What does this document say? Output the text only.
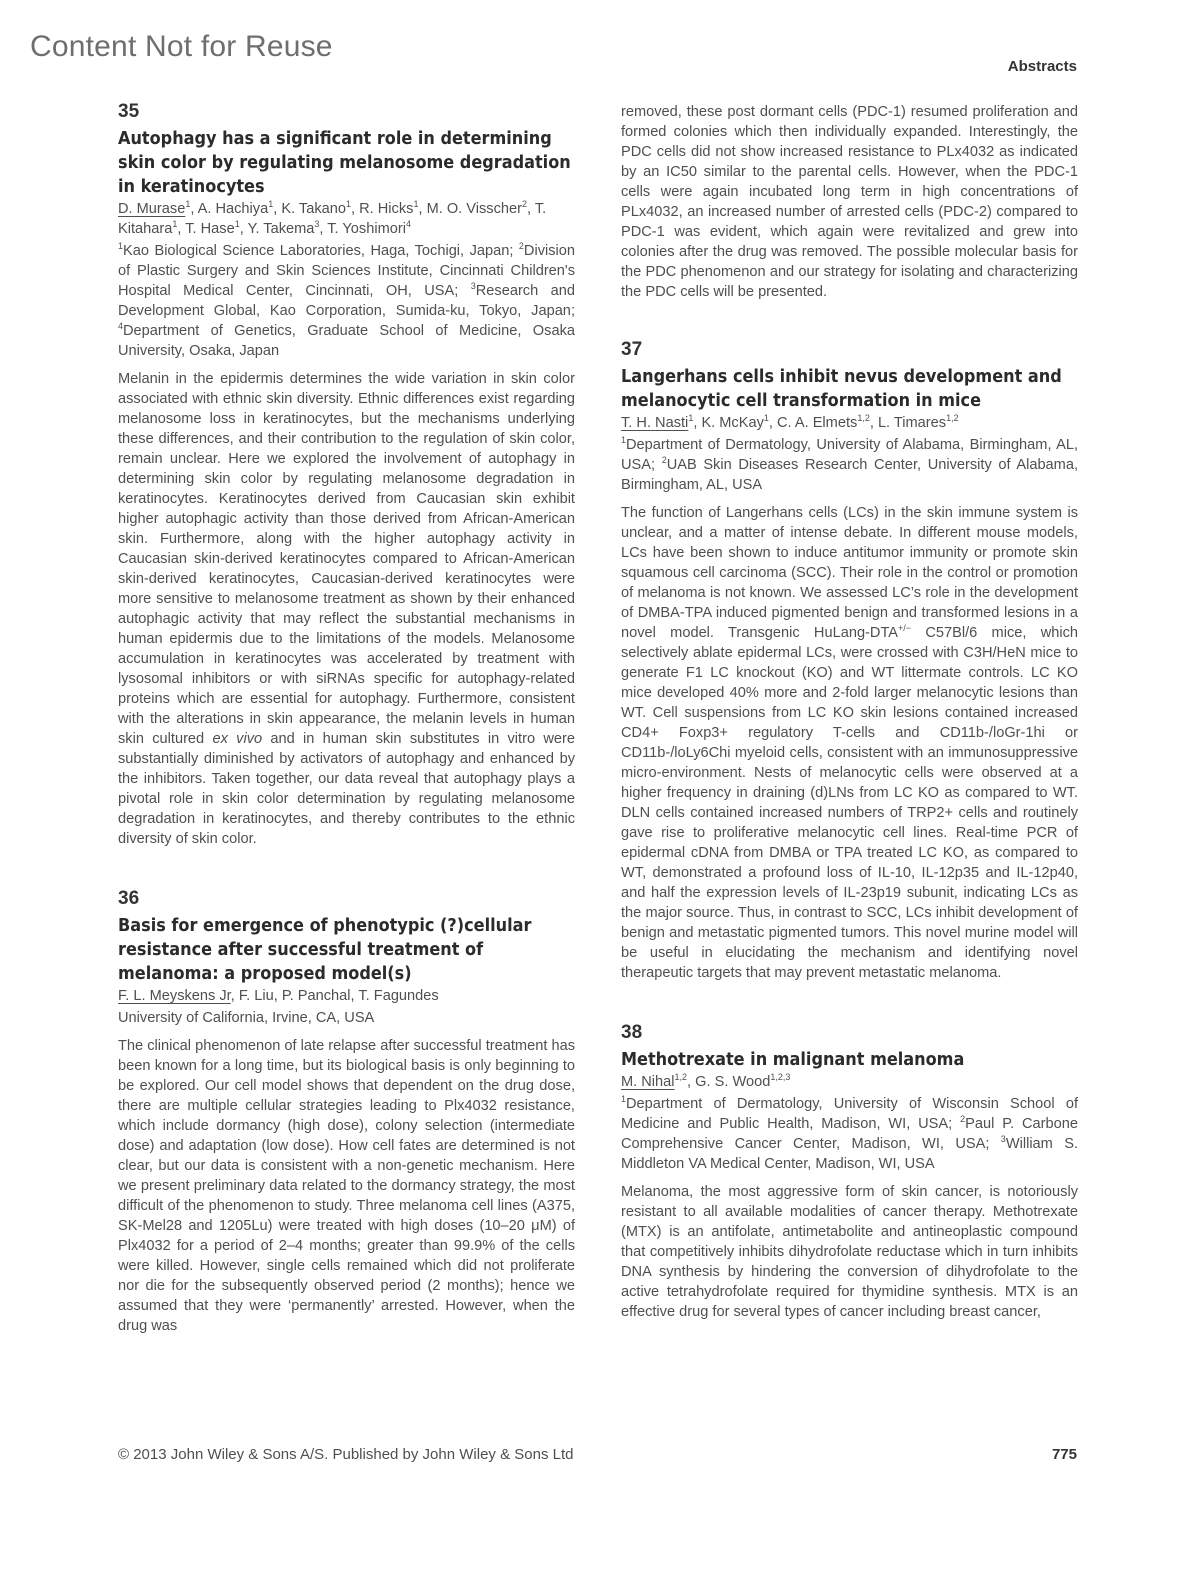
Content Not for Reuse
Abstracts
35
Autophagy has a significant role in determining skin color by regulating melanosome degradation in keratinocytes
D. Murase$^1$, A. Hachiya$^1$, K. Takano$^1$, R. Hicks$^1$, M. O. Visscher$^2$, T. Kitahara$^1$, T. Hase$^1$, Y. Takema$^3$, T. Yoshimori$^4$
$^1$Kao Biological Science Laboratories, Haga, Tochigi, Japan; $^2$Division of Plastic Surgery and Skin Sciences Institute, Cincinnati Children's Hospital Medical Center, Cincinnati, OH, USA; $^3$Research and Development Global, Kao Corporation, Sumida-ku, Tokyo, Japan; $^4$Department of Genetics, Graduate School of Medicine, Osaka University, Osaka, Japan

Melanin in the epidermis determines the wide variation in skin color associated with ethnic skin diversity. Ethnic differences exist regarding melanosome loss in keratinocytes, but the mechanisms underlying these differences, and their contribution to the regulation of skin color, remain unclear. Here we explored the involvement of autophagy in determining skin color by regulating melanosome degradation in keratinocytes. Keratinocytes derived from Caucasian skin exhibit higher autophagic activity than those derived from African-American skin. Furthermore, along with the higher autophagy activity in Caucasian skin-derived keratinocytes compared to African-American skin-derived keratinocytes, Caucasian-derived keratinocytes were more sensitive to melanosome treatment as shown by their enhanced autophagic activity that may reflect the substantial mechanisms in human epidermis due to the limitations of the models. Melanosome accumulation in keratinocytes was accelerated by treatment with lysosomal inhibitors or with siRNAs specific for autophagy-related proteins which are essential for autophagy. Furthermore, consistent with the alterations in skin appearance, the melanin levels in human skin cultured ex vivo and in human skin substitutes in vitro were substantially diminished by activators of autophagy and enhanced by the inhibitors. Taken together, our data reveal that autophagy plays a pivotal role in skin color determination by regulating melanosome degradation in keratinocytes, and thereby contributes to the ethnic diversity of skin color.

36
Basis for emergence of phenotypic (?)cellular resistance after successful treatment of melanoma: a proposed model(s)
F. L. Meyskens Jr, F. Liu, P. Panchal, T. Fagundes
University of California, Irvine, CA, USA

The clinical phenomenon of late relapse after successful treatment has been known for a long time, but its biological basis is only beginning to be explored. Our cell model shows that dependent on the drug dose, there are multiple cellular strategies leading to Plx4032 resistance, which include dormancy (high dose), colony selection (intermediate dose) and adaptation (low dose). How cell fates are determined is not clear, but our data is consistent with a non-genetic mechanism. Here we present preliminary data related to the dormancy strategy, the most difficult of the phenomenon to study. Three melanoma cell lines (A375, SK-Mel28 and 1205Lu) were treated with high doses (10–20 μM) of Plx4032 for a period of 2–4 months; greater than 99.9% of the cells were killed. However, single cells remained which did not proliferate nor die for the subsequently observed period (2 months); hence we assumed that they were ‘permanently’ arrested. However, when the drug was

removed, these post dormant cells (PDC-1) resumed proliferation and formed colonies which then individually expanded. Interestingly, the PDC cells did not show increased resistance to PLx4032 as indicated by an IC50 similar to the parental cells. However, when the PDC-1 cells were again incubated long term in high concentrations of PLx4032, an increased number of arrested cells (PDC-2) compared to PDC-1 was evident, which again were revitalized and grew into colonies after the drug was removed. The possible molecular basis for the PDC phenomenon and our strategy for isolating and characterizing the PDC cells will be presented.

37
Langerhans cells inhibit nevus development and melanocytic cell transformation in mice
T. H. Nasti$^1$, K. McKay$^1$, C. A. Elmets$^{1,2}$, L. Timares$^{1,2}$
$^1$Department of Dermatology, University of Alabama, Birmingham, AL, USA; $^2$UAB Skin Diseases Research Center, University of Alabama, Birmingham, AL, USA

The function of Langerhans cells (LCs) in the skin immune system is unclear, and a matter of intense debate. In different mouse models, LCs have been shown to induce antitumor immunity or promote skin squamous cell carcinoma (SCC). Their role in the control or promotion of melanoma is not known. We assessed LC’s role in the development of DMBA-TPA induced pigmented benign and transformed lesions in a novel model. Transgenic HuLang-DTA+/− C57Bl/6 mice, which selectively ablate epidermal LCs, were crossed with C3H/HeN mice to generate F1 LC knockout (KO) and WT littermate controls. LC KO mice developed 40% more and 2-fold larger melanocytic lesions than WT. Cell suspensions from LC KO skin lesions contained increased CD4+ Foxp3+ regulatory T-cells and CD11b-/loGr-1hi or CD11b-/loLy6Chi myeloid cells, consistent with an immunosuppressive micro-environment. Nests of melanocytic cells were observed at a higher frequency in draining (d)LNs from LC KO as compared to WT. DLN cells contained increased numbers of TRP2+ cells and routinely gave rise to proliferative melanocytic cell lines. Real-time PCR of epidermal cDNA from DMBA or TPA treated LC KO, as compared to WT, demonstrated a profound loss of IL-10, IL-12p35 and IL-12p40, and half the expression levels of IL-23p19 subunit, indicating LCs as the major source. Thus, in contrast to SCC, LCs inhibit development of benign and metastatic pigmented tumors. This novel murine model will be useful in elucidating the mechanism and identifying novel therapeutic targets that may prevent metastatic melanoma.

38
Methotrexate in malignant melanoma
M. Nihal$^{1,2}$, G. S. Wood$^{1,2,3}$
$^1$Department of Dermatology, University of Wisconsin School of Medicine and Public Health, Madison, WI, USA; $^2$Paul P. Carbone Comprehensive Cancer Center, Madison, WI, USA; $^3$William S. Middleton VA Medical Center, Madison, WI, USA

Melanoma, the most aggressive form of skin cancer, is notoriously resistant to all available modalities of cancer therapy. Methotrexate (MTX) is an antifolate, antimetabolite and antineoplastic compound that competitively inhibits dihydrofolate reductase which in turn inhibits DNA synthesis by hindering the conversion of dihydrofolate to the active tetrahydrofolate required for thymidine synthesis. MTX is an effective drug for several types of cancer including breast cancer,

© 2013 John Wiley & Sons A/S. Published by John Wiley & Sons Ltd	775
